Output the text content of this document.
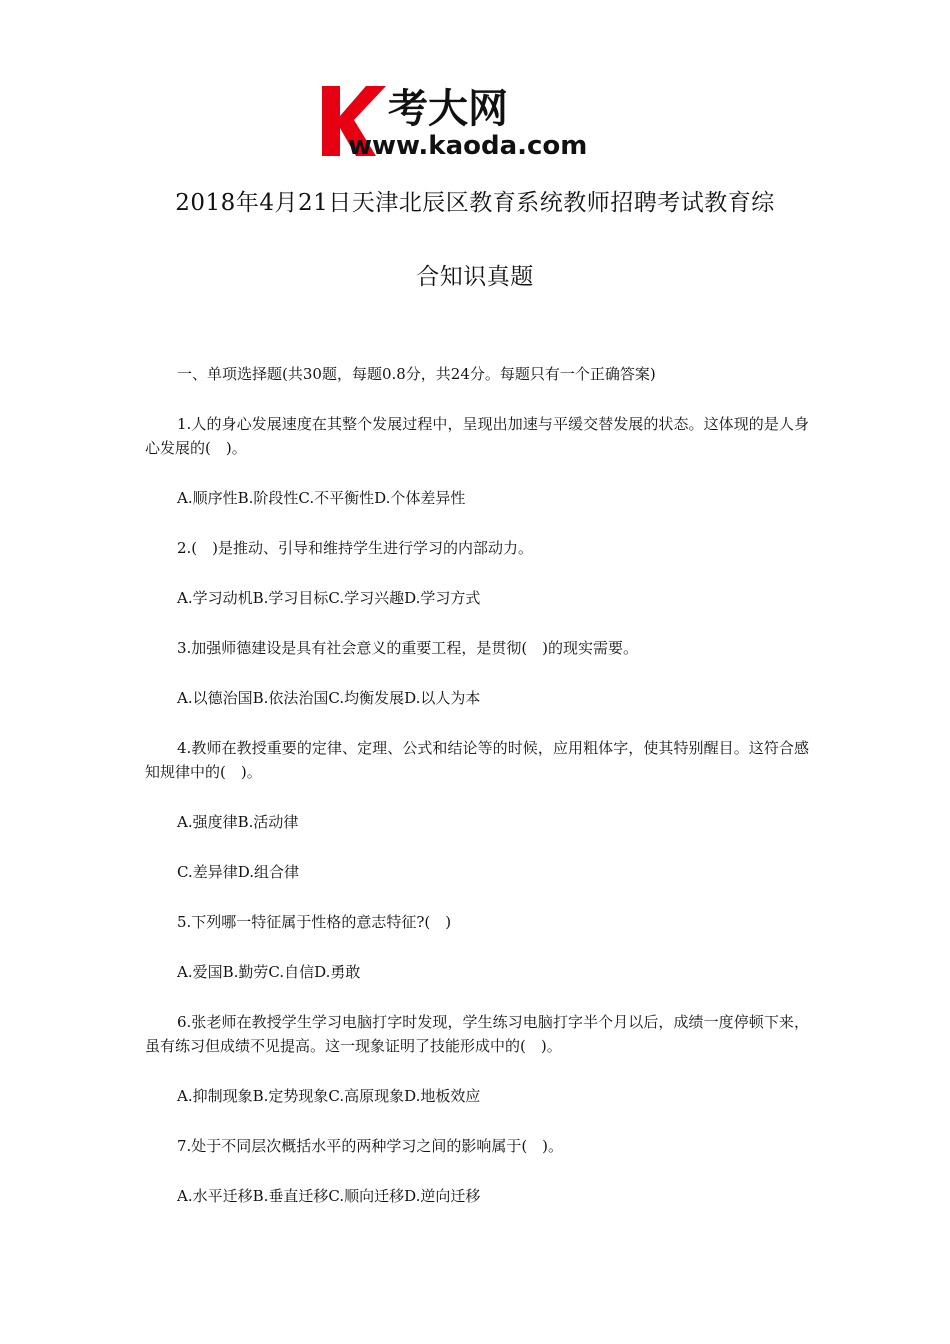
考大网
www.kaoda.com
2018年4月21日天津北辰区教育系统教师招聘考试教育综
合知识真题

一、单项选择题(共30题，每题0.8分，共24分。每题只有一个正确答案)

1.人的身心发展速度在其整个发展过程中，呈现出加速与平缓交替发展的状态。这体现的是人身心发展的(　)。

A.顺序性B.阶段性C.不平衡性D.个体差异性

2.(　)是推动、引导和维持学生进行学习的内部动力。

A.学习动机B.学习目标C.学习兴趣D.学习方式

3.加强师德建设是具有社会意义的重要工程，是贯彻(　)的现实需要。

A.以德治国B.依法治国C.均衡发展D.以人为本

4.教师在教授重要的定律、定理、公式和结论等的时候，应用粗体字，使其特别醒目。这符合感知规律中的(　)。

A.强度律B.活动律

C.差异律D.组合律

5.下列哪一特征属于性格的意志特征?(　)

A.爱国B.勤劳C.自信D.勇敢

6.张老师在教授学生学习电脑打字时发现，学生练习电脑打字半个月以后，成绩一度停顿下来，虽有练习但成绩不见提高。这一现象证明了技能形成中的(　)。

A.抑制现象B.定势现象C.高原现象D.地板效应

7.处于不同层次概括水平的两种学习之间的影响属于(　)。

A.水平迁移B.垂直迁移C.顺向迁移D.逆向迁移
